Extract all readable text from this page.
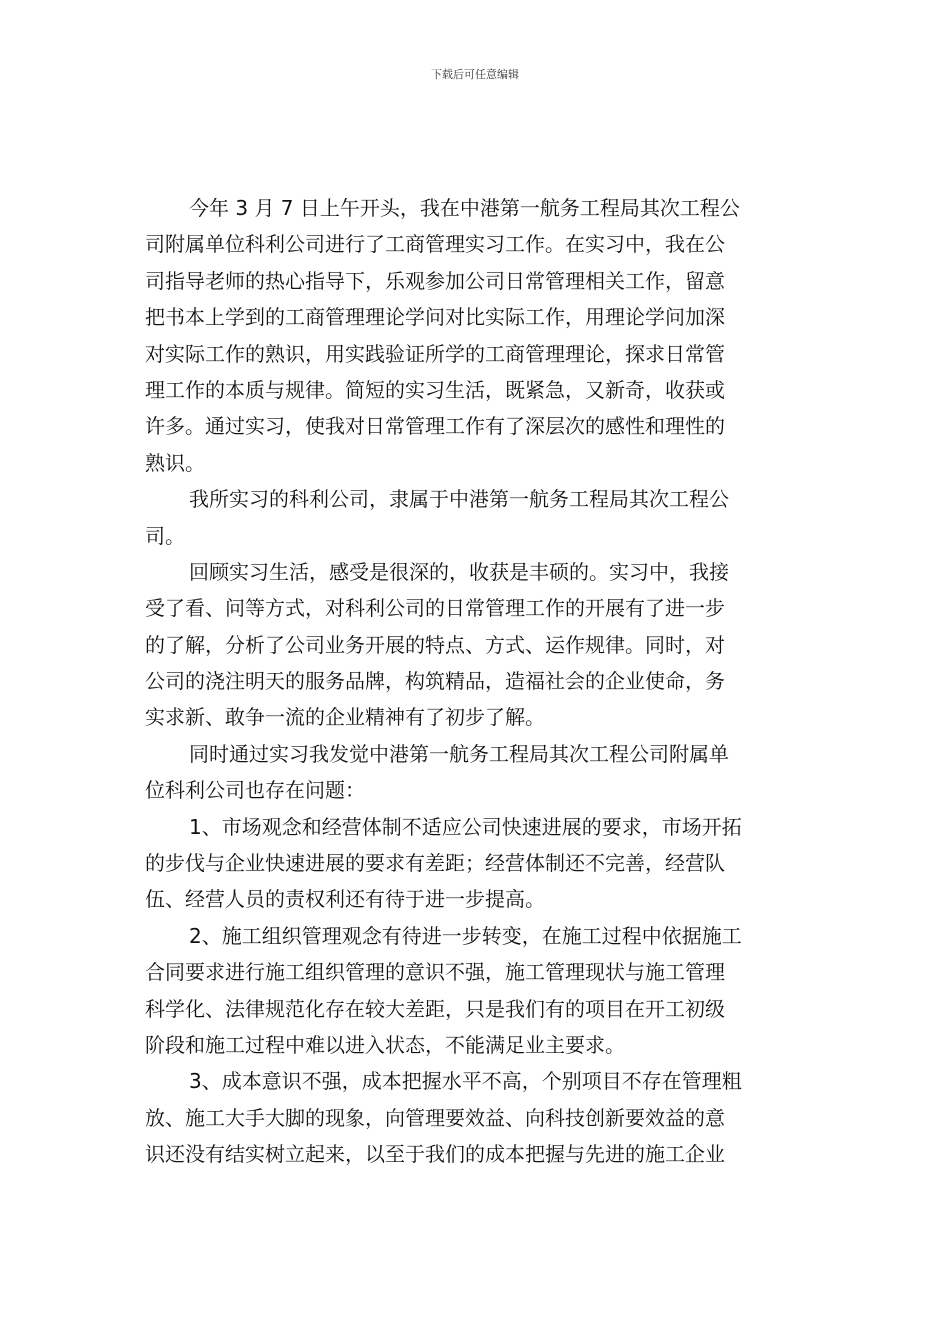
下载后可任意编辑
今年 3 月 7 日上午开头，我在中港第一航务工程局其次工程公
司附属单位科利公司进行了工商管理实习工作。在实习中，我在公
司指导老师的热心指导下，乐观参加公司日常管理相关工作，留意
把书本上学到的工商管理理论学问对比实际工作，用理论学问加深
对实际工作的熟识，用实践验证所学的工商管理理论，探求日常管
理工作的本质与规律。简短的实习生活，既紧急，又新奇，收获或
许多。通过实习，使我对日常管理工作有了深层次的感性和理性的
熟识。
我所实习的科利公司，隶属于中港第一航务工程局其次工程公
司。
回顾实习生活，感受是很深的，收获是丰硕的。实习中，我接
受了看、问等方式，对科利公司的日常管理工作的开展有了进一步
的了解，分析了公司业务开展的特点、方式、运作规律。同时，对
公司的浇注明天的服务品牌，构筑精品，造福社会的企业使命，务
实求新、敢争一流的企业精神有了初步了解。
同时通过实习我发觉中港第一航务工程局其次工程公司附属单
位科利公司也存在问题：
1、市场观念和经营体制不适应公司快速进展的要求，市场开拓
的步伐与企业快速进展的要求有差距；经营体制还不完善，经营队
伍、经营人员的责权利还有待于进一步提高。
2、施工组织管理观念有待进一步转变，在施工过程中依据施工
合同要求进行施工组织管理的意识不强，施工管理现状与施工管理
科学化、法律规范化存在较大差距，只是我们有的项目在开工初级
阶段和施工过程中难以进入状态，不能满足业主要求。
3、成本意识不强，成本把握水平不高，个别项目不存在管理粗
放、施工大手大脚的现象，向管理要效益、向科技创新要效益的意
识还没有结实树立起来，以至于我们的成本把握与先进的施工企业
